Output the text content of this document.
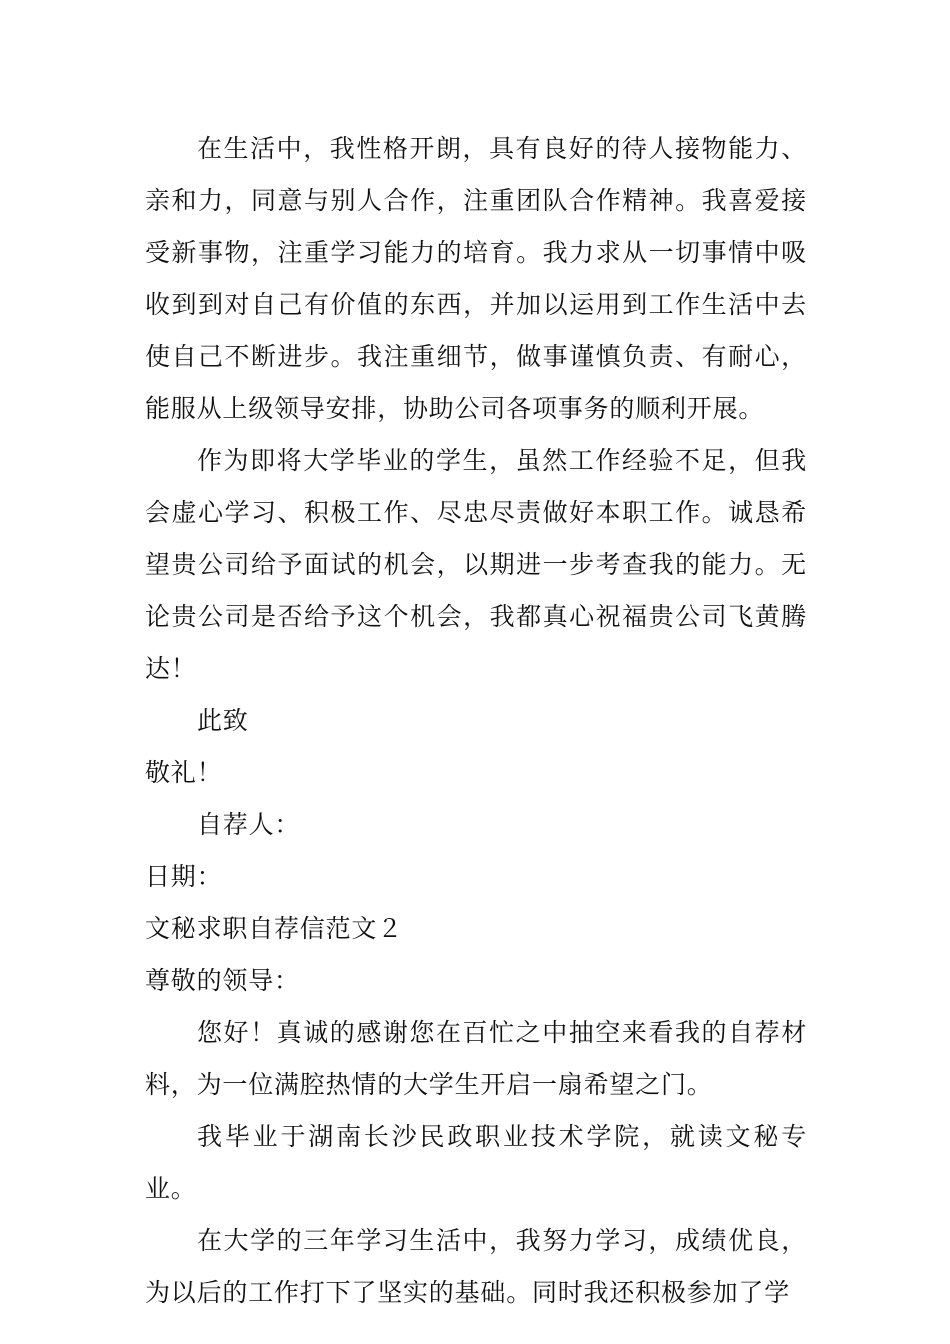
在生活中，我性格开朗，具有良好的待人接物能力、亲和力，同意与别人合作，注重团队合作精神。我喜爱接受新事物，注重学习能力的培育。我力求从一切事情中吸收到到对自己有价值的东西，并加以运用到工作生活中去使自己不断进步。我注重细节，做事谨慎负责、有耐心，能服从上级领导安排，协助公司各项事务的顺利开展。

作为即将大学毕业的学生，虽然工作经验不足，但我会虚心学习、积极工作、尽忠尽责做好本职工作。诚恳希望贵公司给予面试的机会，以期进一步考查我的能力。无论贵公司是否给予这个机会，我都真心祝福贵公司飞黄腾达！

此致

敬礼！

自荐人：

日期：

文秘求职自荐信范文２

尊敬的领导：

您好！真诚的感谢您在百忙之中抽空来看我的自荐材料，为一位满腔热情的大学生开启一扇希望之门。

我毕业于湖南长沙民政职业技术学院，就读文秘专业。

在大学的三年学习生活中，我努力学习，成绩优良，为以后的工作打下了坚实的基础。同时我还积极参加了学
